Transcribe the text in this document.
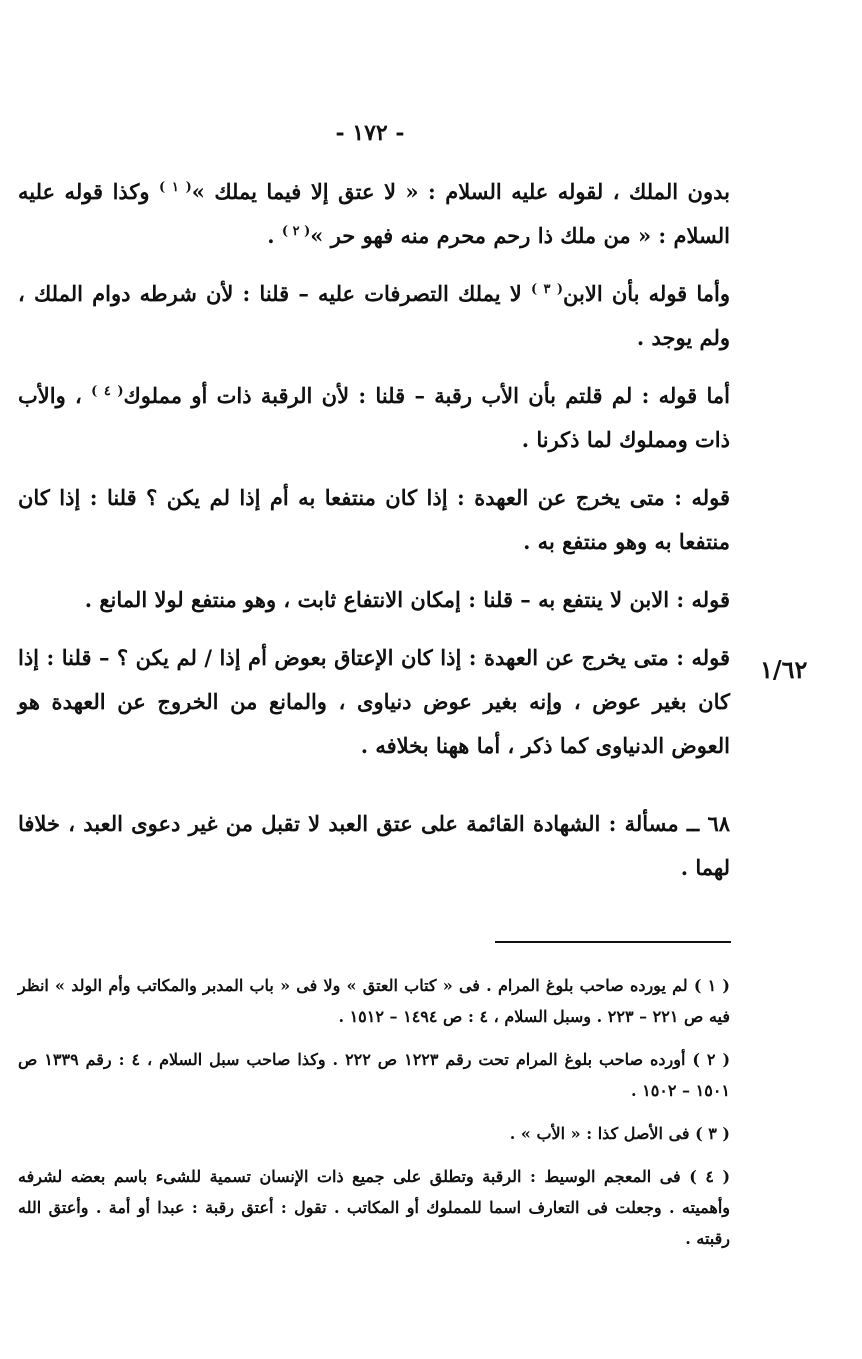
- ١٧٢ -

بدون الملك ، لقوله عليه السلام : « لا عتق إلا فيما يملك »$^{( ١ )}$ وكذا قوله عليه السلام : « من ملك ذا رحم محرم منه فهو حر »$^{( ٢ )}$ .

وأما قوله بأن الابن$^{( ٣ )}$ لا يملك التصرفات عليه – قلنا : لأن شرطه دوام الملك ، ولم يوجد .

أما قوله : لم قلتم بأن الأب رقبة – قلنا : لأن الرقبة ذات أو مملوك$^{( ٤ )}$ ، والأب ذات ومملوك لما ذكرنا .

قوله : متى يخرج عن العهدة : إذا كان منتفعا به أم إذا لم يكن ؟ قلنا : إذا كان منتفعا به وهو منتفع به .

قوله : الابن لا ينتفع به – قلنا : إمكان الانتفاع ثابت ، وهو منتفع لولا المانع .

قوله : متى يخرج عن العهدة : إذا كان الإعتاق بعوض أم إذا / لم يكن ؟ – قلنا : إذا كان بغير عوض ، وإنه بغير عوض دنياوى ، والمانع من الخروج عن العهدة هو العوض الدنياوى كما ذكر ، أما ههنا بخلافه .

٦٨ ــ مسألة : الشهادة القائمة على عتق العبد لا تقبل من غير دعوى العبد ، خلافا لهما .

١/٦٢

( ١ ) لم يورده صاحب بلوغ المرام . فى « كتاب العتق » ولا فى « باب المدبر والمكاتب وأم الولد » انظر فيه ص ٢٢١ – ٢٢٣ . وسبل السلام ، ٤ : ص ١٤٩٤ – ١٥١٢ .

( ٢ ) أورده صاحب بلوغ المرام تحت رقم ١٢٢٣ ص ٢٢٢ . وكذا صاحب سبل السلام ، ٤ : رقم ١٣٣٩ ص ١٥٠١ – ١٥٠٢ .

( ٣ ) فى الأصل كذا : « الأب » .

( ٤ ) فى المعجم الوسيط : الرقبة وتطلق على جميع ذات الإنسان تسمية للشىء باسم بعضه لشرفه وأهميته . وجعلت فى التعارف اسما للمملوك أو المكاتب . تقول : أعتق رقبة : عبدا أو أمة . وأعتق الله رقبته .
